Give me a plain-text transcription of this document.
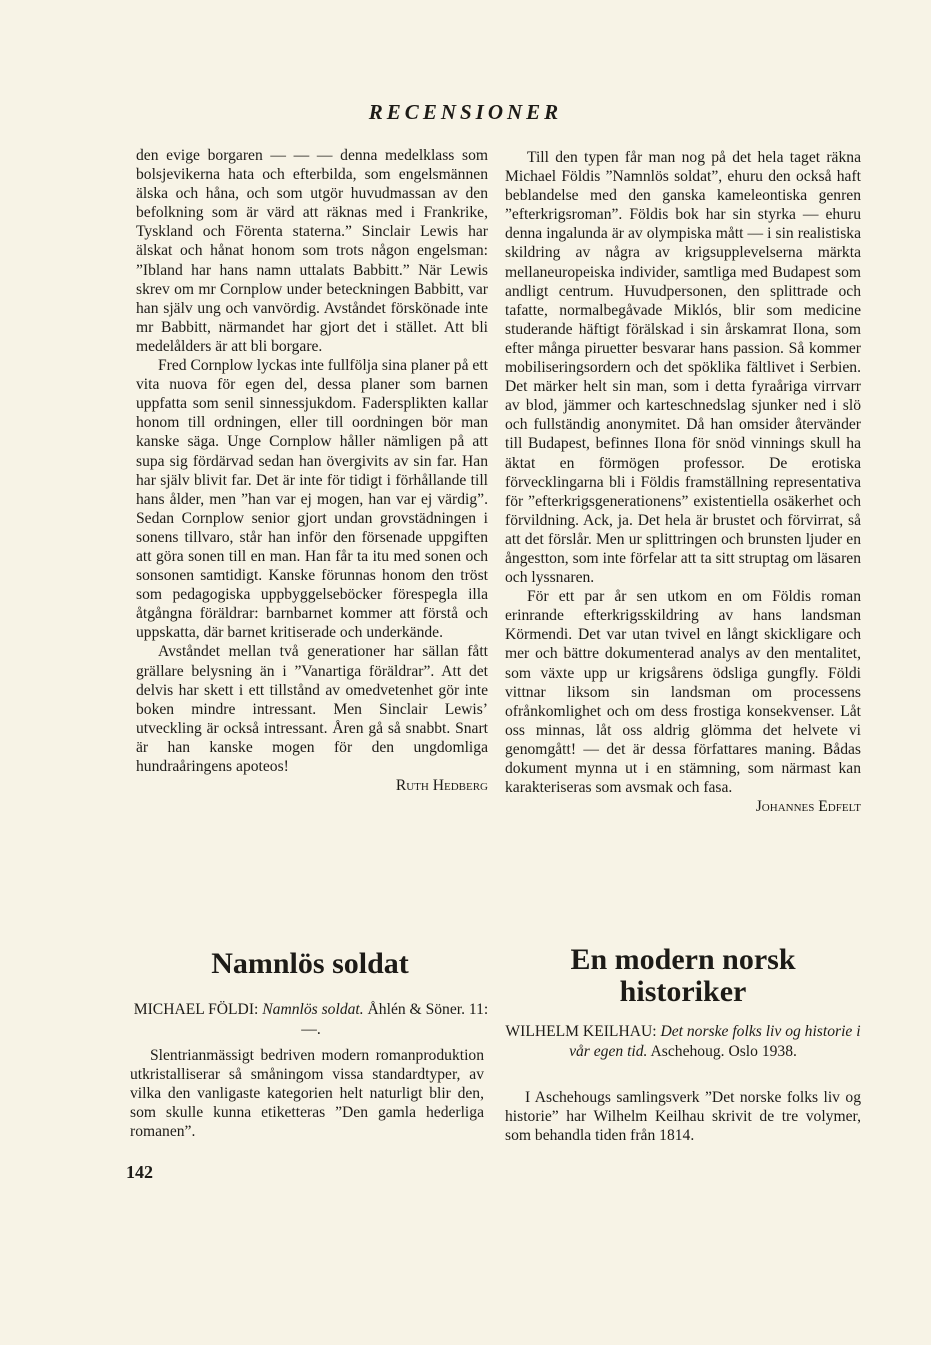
RECENSIONER

den evige borgaren — — — denna medelklass som bolsjevikerna hata och efterbilda, som engelsmännen älska och håna, och som utgör huvudmassan av den befolkning som är värd att räknas med i Frankrike, Tyskland och Förenta staterna.” Sinclair Lewis har älskat och hånat honom som trots någon engelsman: ”Ibland har hans namn uttalats Babbitt.” När Lewis skrev om mr Cornplow under beteckningen Babbitt, var han själv ung och vanvördig. Avståndet förskönade inte mr Babbitt, närmandet har gjort det i stället. Att bli medelålders är att bli borgare.

Fred Cornplow lyckas inte fullfölja sina planer på ett vita nuova för egen del, dessa planer som barnen uppfatta som senil sinnessjukdom. Fadersplikten kallar honom till ordningen, eller till oordningen bör man kanske säga. Unge Cornplow håller nämligen på att supa sig fördärvad sedan han övergivits av sin far. Han har själv blivit far. Det är inte för tidigt i förhållande till hans ålder, men ”han var ej mogen, han var ej värdig”. Sedan Cornplow senior gjort undan grovstädningen i sonens tillvaro, står han inför den försenade uppgiften att göra sonen till en man. Han får ta itu med sonen och sonsonen samtidigt. Kanske förunnas honom den tröst som pedagogiska uppbyggelseböcker förespegla illa åtgångna föräldrar: barnbarnet kommer att förstå och uppskatta, där barnet kritiserade och underkände.

Avståndet mellan två generationer har sällan fått grällare belysning än i ”Vanartiga föräldrar”. Att det delvis har skett i ett tillstånd av omedvetenhet gör inte boken mindre intressant. Men Sinclair Lewis’ utveckling är också intressant. Åren gå så snabbt. Snart är han kanske mogen för den ungdomliga hundraåringens apoteos!

Ruth Hedberg

Till den typen får man nog på det hela taget räkna Michael Földis ”Namnlös soldat”, ehuru den också haft beblandelse med den ganska kameleontiska genren ”efterkrigsroman”. Földis bok har sin styrka — ehuru denna ingalunda är av olympiska mått — i sin realistiska skildring av några av krigsupplevelserna märkta mellaneuropeiska individer, samtliga med Budapest som andligt centrum. Huvudpersonen, den splittrade och tafatte, normalbegåvade Miklós, blir som medicine studerande häftigt förälskad i sin årskamrat Ilona, som efter många piruetter besvarar hans passion. Så kommer mobiliseringsordern och det spöklika fältlivet i Serbien. Det märker helt sin man, som i detta fyraåriga virrvarr av blod, jämmer och karteschnedslag sjunker ned i slö och fullständig anonymitet. Då han omsider återvänder till Budapest, befinnes Ilona för snöd vinnings skull ha äktat en förmögen professor. De erotiska förvecklingarna bli i Földis framställning representativa för ”efterkrigsgenerationens” existentiella osäkerhet och förvildning. Ack, ja. Det hela är brustet och förvirrat, så att det förslår. Men ur splittringen och brunsten ljuder en ångestton, som inte förfelar att ta sitt struptag om läsaren och lyssnaren.

För ett par år sen utkom en om Földis roman erinrande efterkrigsskildring av hans landsman Körmendi. Det var utan tvivel en långt skickligare och mer och bättre dokumenterad analys av den mentalitet, som växte upp ur krigsårens ödsliga gungfly. Földi vittnar liksom sin landsman om processens ofrånkomlighet och om dess frostiga konsekvenser. Låt oss minnas, låt oss aldrig glömma det helvete vi genomgått! — det är dessa författares maning. Bådas dokument mynna ut i en stämning, som närmast kan karakteriseras som avsmak och fasa.

Johannes Edfelt
Namnlös soldat
MICHAEL FÖLDI: Namnlös soldat. Åhlén & Söner. 11: —.
Slentrianmässigt bedriven modern romanproduktion utkristalliserar så småningom vissa standardtyper, av vilka den vanligaste kategorien helt naturligt blir den, som skulle kunna etiketteras ”Den gamla hederliga romanen”.
En modern norsk historiker
WILHELM KEILHAU: Det norske folks liv og historie i vår egen tid. Aschehoug. Oslo 1938.
I Aschehougs samlingsverk ”Det norske folks liv og historie” har Wilhelm Keilhau skrivit de tre volymer, som behandla tiden från 1814.
142
